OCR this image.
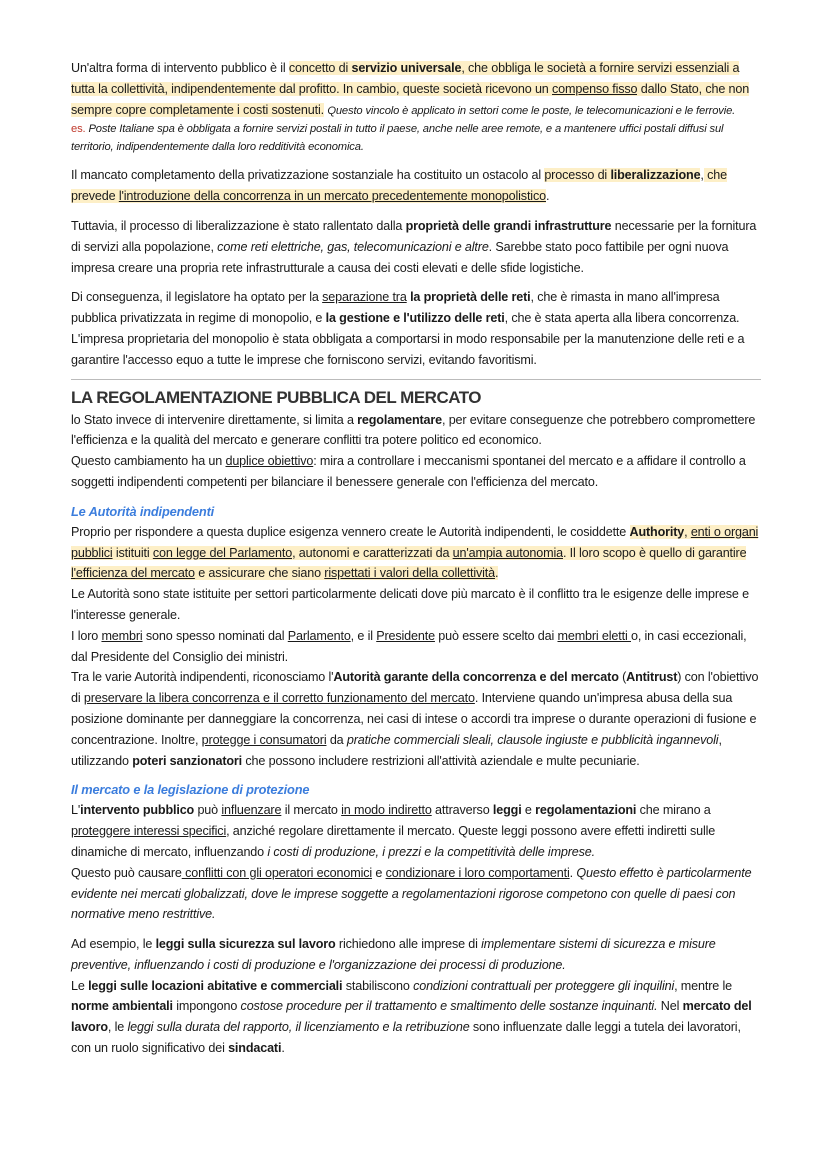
Un'altra forma di intervento pubblico è il concetto di servizio universale, che obbliga le società a fornire servizi essenziali a tutta la collettività, indipendentemente dal profitto. In cambio, queste società ricevono un compenso fisso dallo Stato, che non sempre copre completamente i costi sostenuti. Questo vincolo è applicato in settori come le poste, le telecomunicazioni e le ferrovie.

es. Poste Italiane spa è obbligata a fornire servizi postali in tutto il paese, anche nelle aree remote, e a mantenere uffici postali diffusi sul territorio, indipendentemente dalla loro redditività economica.

Il mancato completamento della privatizzazione sostanziale ha costituito un ostacolo al processo di liberalizzazione, che prevede l'introduzione della concorrenza in un mercato precedentemente monopolistico.

Tuttavia, il processo di liberalizzazione è stato rallentato dalla proprietà delle grandi infrastrutture necessarie per la fornitura di servizi alla popolazione, come reti elettriche, gas, telecomunicazioni e altre. Sarebbe stato poco fattibile per ogni nuova impresa creare una propria rete infrastrutturale a causa dei costi elevati e delle sfide logistiche.

Di conseguenza, il legislatore ha optato per la separazione tra la proprietà delle reti, che è rimasta in mano all'impresa pubblica privatizzata in regime di monopolio, e la gestione e l'utilizzo delle reti, che è stata aperta alla libera concorrenza. L'impresa proprietaria del monopolio è stata obbligata a comportarsi in modo responsabile per la manutenzione delle reti e a garantire l'accesso equo a tutte le imprese che forniscono servizi, evitando favoritismi.

LA REGOLAMENTAZIONE PUBBLICA DEL MERCATO

lo Stato invece di intervenire direttamente, si limita a regolamentare, per evitare conseguenze che potrebbero compromettere l'efficienza e la qualità del mercato e generare conflitti tra potere politico ed economico.

Questo cambiamento ha un duplice obiettivo: mira a controllare i meccanismi spontanei del mercato e a affidare il controllo a soggetti indipendenti competenti per bilanciare il benessere generale con l'efficienza del mercato.

Le Autorità indipendenti

Proprio per rispondere a questa duplice esigenza vennero create le Autorità indipendenti, le cosiddette Authority, enti o organi pubblici istituiti con legge del Parlamento, autonomi e caratterizzati da un'ampia autonomia. Il loro scopo è quello di garantire l'efficienza del mercato e assicurare che siano rispettati i valori della collettività.

Le Autorità sono state istituite per settori particolarmente delicati dove più marcato è il conflitto tra le esigenze delle imprese e l'interesse generale.

I loro membri sono spesso nominati dal Parlamento, e il Presidente può essere scelto dai membri eletti o, in casi eccezionali, dal Presidente del Consiglio dei ministri.

Tra le varie Autorità indipendenti, riconosciamo l'Autorità garante della concorrenza e del mercato (Antitrust) con l'obiettivo di preservare la libera concorrenza e il corretto funzionamento del mercato. Interviene quando un'impresa abusa della sua posizione dominante per danneggiare la concorrenza, nei casi di intese o accordi tra imprese o durante operazioni di fusione e concentrazione. Inoltre, protegge i consumatori da pratiche commerciali sleali, clausole ingiuste e pubblicità ingannevoli, utilizzando poteri sanzionatori che possono includere restrizioni all'attività aziendale e multe pecuniarie.

Il mercato e la legislazione di protezione

L'intervento pubblico può influenzare il mercato in modo indiretto attraverso leggi e regolamentazioni che mirano a proteggere interessi specifici, anziché regolare direttamente il mercato. Queste leggi possono avere effetti indiretti sulle dinamiche di mercato, influenzando i costi di produzione, i prezzi e la competitività delle imprese.

Questo può causare conflitti con gli operatori economici e condizionare i loro comportamenti. Questo effetto è particolarmente evidente nei mercati globalizzati, dove le imprese soggette a regolamentazioni rigorose competono con quelle di paesi con normative meno restrittive.

Ad esempio, le leggi sulla sicurezza sul lavoro richiedono alle imprese di implementare sistemi di sicurezza e misure preventive, influenzando i costi di produzione e l'organizzazione dei processi di produzione.

Le leggi sulle locazioni abitative e commerciali stabiliscono condizioni contrattuali per proteggere gli inquilini, mentre le norme ambientali impongono costose procedure per il trattamento e smaltimento delle sostanze inquinanti. Nel mercato del lavoro, le leggi sulla durata del rapporto, il licenziamento e la retribuzione sono influenzate dalle leggi a tutela dei lavoratori, con un ruolo significativo dei sindacati.
